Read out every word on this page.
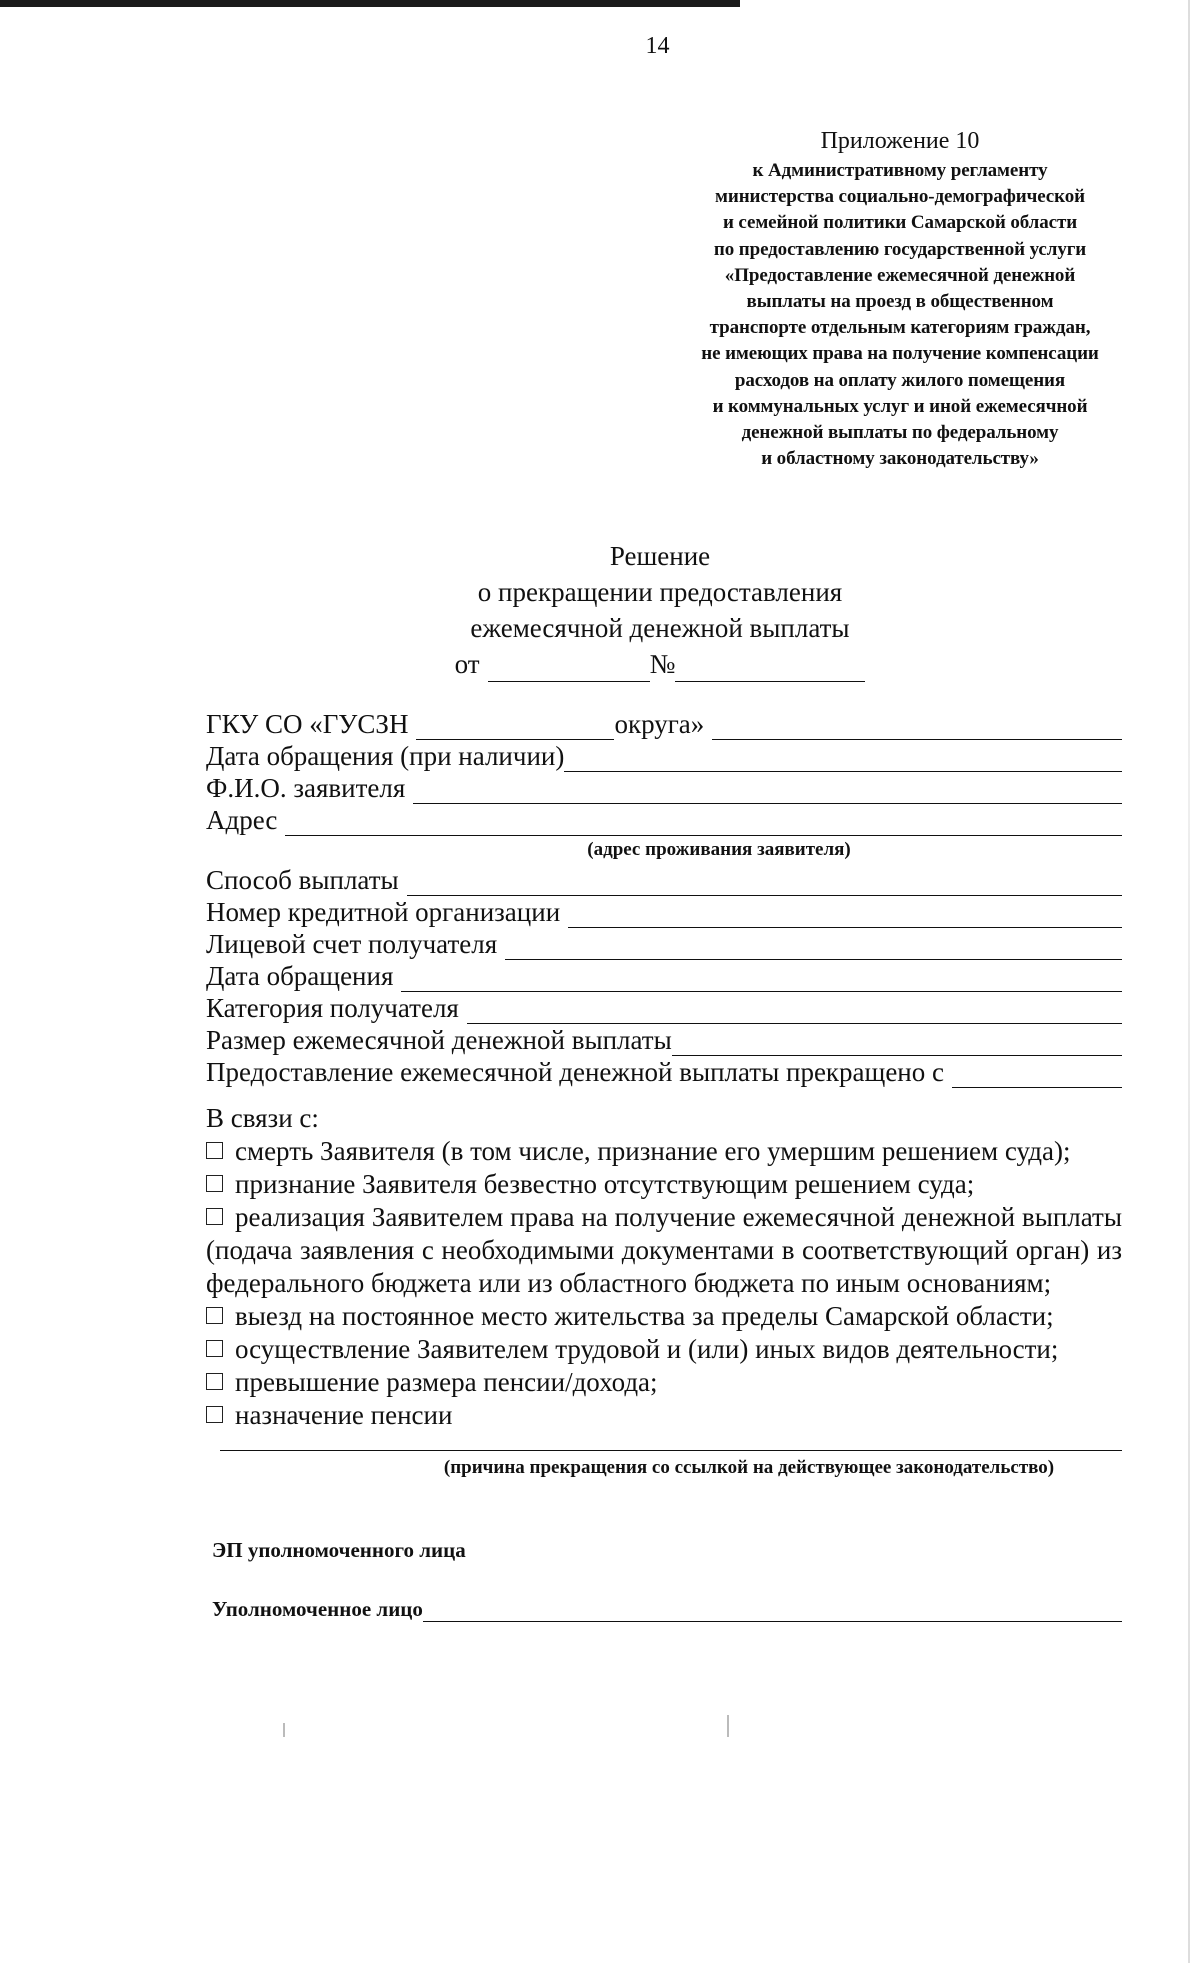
14
Приложение 10
к Административному регламенту
министерства социально-демографической
и семейной политики Самарской области
по предоставлению государственной услуги
«Предоставление ежемесячной денежной
выплаты на проезд в общественном
транспорте отдельным категориям граждан,
не имеющих права на получение компенсации
расходов на оплату жилого помещения
и коммунальных услуг и иной ежемесячной
денежной выплаты по федеральному
и областному законодательству»
Решение
о прекращении предоставления
ежемесячной денежной выплаты
от	№
ГКУ СО «ГУСЗН	округа»
Дата обращения (при наличии)
Ф.И.О. заявителя
Адрес
(адрес проживания заявителя)
Способ выплаты
Номер кредитной организации
Лицевой счет получателя
Дата обращения
Категория получателя
Размер ежемесячной денежной выплаты
Предоставление ежемесячной денежной выплаты прекращено с
В связи с:
смерть Заявителя (в том числе, признание его умершим решением суда);
признание Заявителя безвестно отсутствующим решением суда;
реализация Заявителем права на получение ежемесячной денежной выплаты (подача заявления с необходимыми документами в соответствующий орган) из федерального бюджета или из областного бюджета по иным основаниям;
выезд на постоянное место жительства за пределы Самарской области;
осуществление Заявителем трудовой и (или) иных видов деятельности;
превышение размера пенсии/дохода;
назначение пенсии
(причина прекращения со ссылкой на действующее законодательство)
ЭП уполномоченного лица
Уполномоченное лицо
